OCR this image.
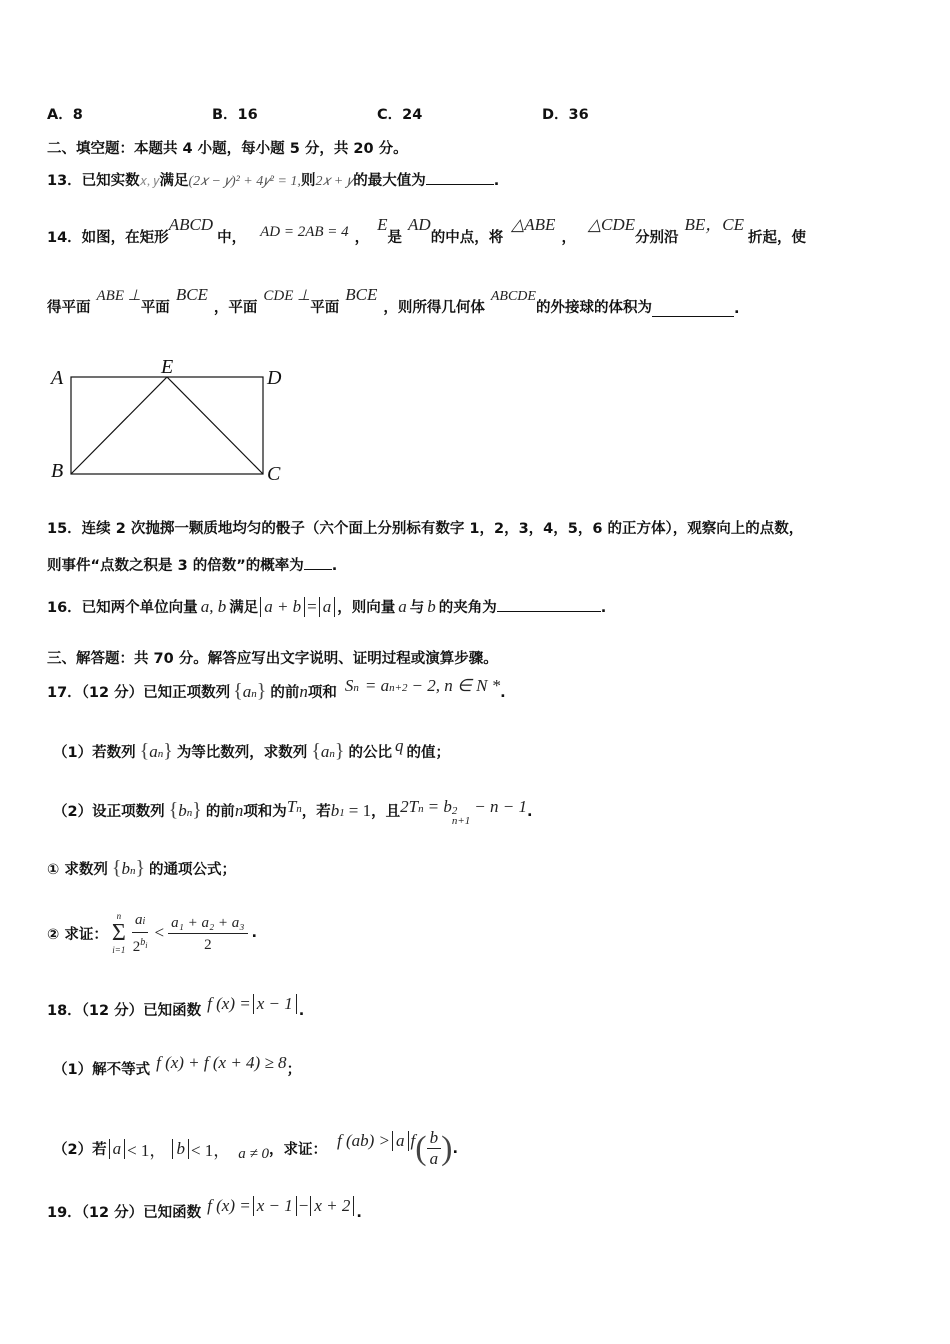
A．8	B．16	C．24	D．36
二、填空题：本题共 4 小题，每小题 5 分，共 20 分。
13．已知实数 𝑥, 𝑦 满足 (2𝑥 − 𝑦)² + 4𝑦² = 1, 则 2𝑥 + 𝑦 的最大值为	.
14．如图，在矩形
ABCD
中， AD = 2AB = 4 ，
E
是
AD
的中点，将
△ABE
，
△CDE
分别沿
BE，CE
折起，使
得平面
ABE ⊥
平面
BCE
，平面
CDE ⊥
平面
BCE
，则所得几何体
ABCDE
的外接球的体积为	.
A	E	D
B	C
15．连续 2 次抛掷一颗质地均匀的骰子（六个面上分别标有数字 1，2，3，4，5，6 的正方体），观察向上的点数，
则事件“点数之积是 3 的倍数”的概率为 .
16．已知两个单位向量 a, b 满足 a + b = a ，则向量 a 与 b 的夹角为	.
三、解答题：共 70 分。解答应写出文字说明、证明过程或演算步骤。
17．（12 分）已知正项数列 { a n } 的前 n 项和 S n = a n+2 − 2, n ∈ N * .
（1）若数列 { a n } 为等比数列，求数列 { a n } 的公比 q 的值；
（2）设正项数列 { b n } 的前 n 项和为 T n ，若 b 1 = 1 ，且 2T n = b 2
n+1
− n − 1 .
① 求数列 { b n } 的通项公式；
② 求证：
n
Σ
$i=1 \frac{ai}{2^bi} < \frac{\text{a₁ + a₂ + a₃}}{2}$ .
18．（12 分）已知函数 f (x) = x − 1 .
（1）解不等式 f (x) + f (x + 4) ≥ 8 ；
（2）若 a < 1， b < 1， a ≠ 0 ，求证：
f (ab) > a f ( $\frac{b}{a}$ ) .
19．（12 分）已知函数 f (x) = x − 1 − x + 2 .
